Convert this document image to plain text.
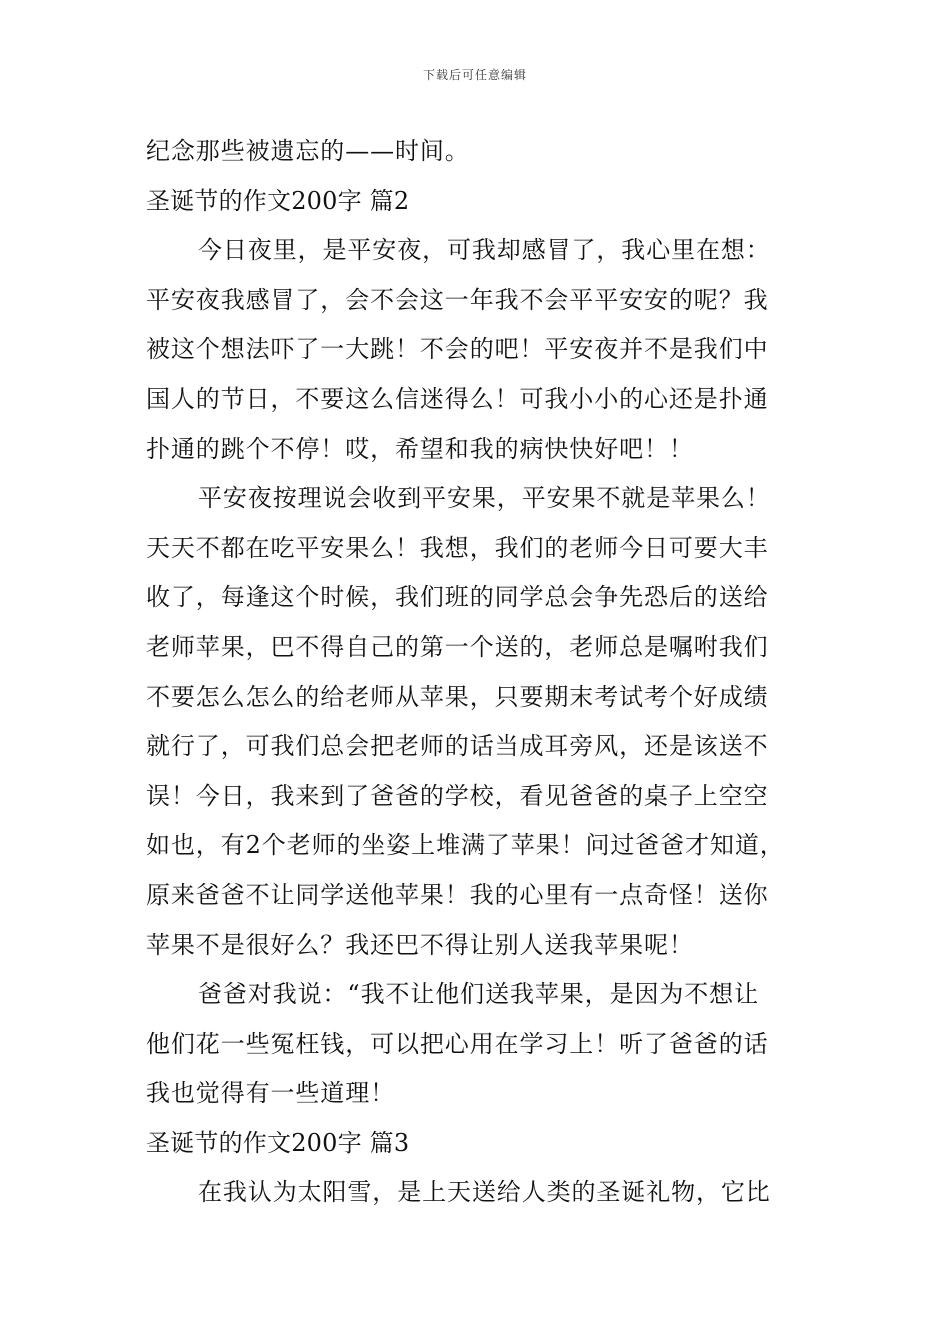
下载后可任意编辑
纪念那些被遗忘的——时间。
圣诞节的作文200字 篇2
今日夜里，是平安夜，可我却感冒了，我心里在想：
平安夜我感冒了，会不会这一年我不会平平安安的呢？我
被这个想法吓了一大跳！不会的吧！平安夜并不是我们中
国人的节日，不要这么信迷得么！可我小小的心还是扑通
扑通的跳个不停！哎，希望和我的病快快好吧！！
平安夜按理说会收到平安果，平安果不就是苹果么！
天天不都在吃平安果么！我想，我们的老师今日可要大丰
收了，每逢这个时候，我们班的同学总会争先恐后的送给
老师苹果，巴不得自己的第一个送的，老师总是嘱咐我们
不要怎么怎么的给老师从苹果，只要期末考试考个好成绩
就行了，可我们总会把老师的话当成耳旁风，还是该送不
误！今日，我来到了爸爸的学校，看见爸爸的桌子上空空
如也，有2个老师的坐姿上堆满了苹果！问过爸爸才知道，
原来爸爸不让同学送他苹果！我的心里有一点奇怪！送你
苹果不是很好么？我还巴不得让别人送我苹果呢！
爸爸对我说：“我不让他们送我苹果，是因为不想让
他们花一些冤枉钱，可以把心用在学习上！听了爸爸的话
我也觉得有一些道理！
圣诞节的作文200字 篇3
在我认为太阳雪，是上天送给人类的圣诞礼物，它比
